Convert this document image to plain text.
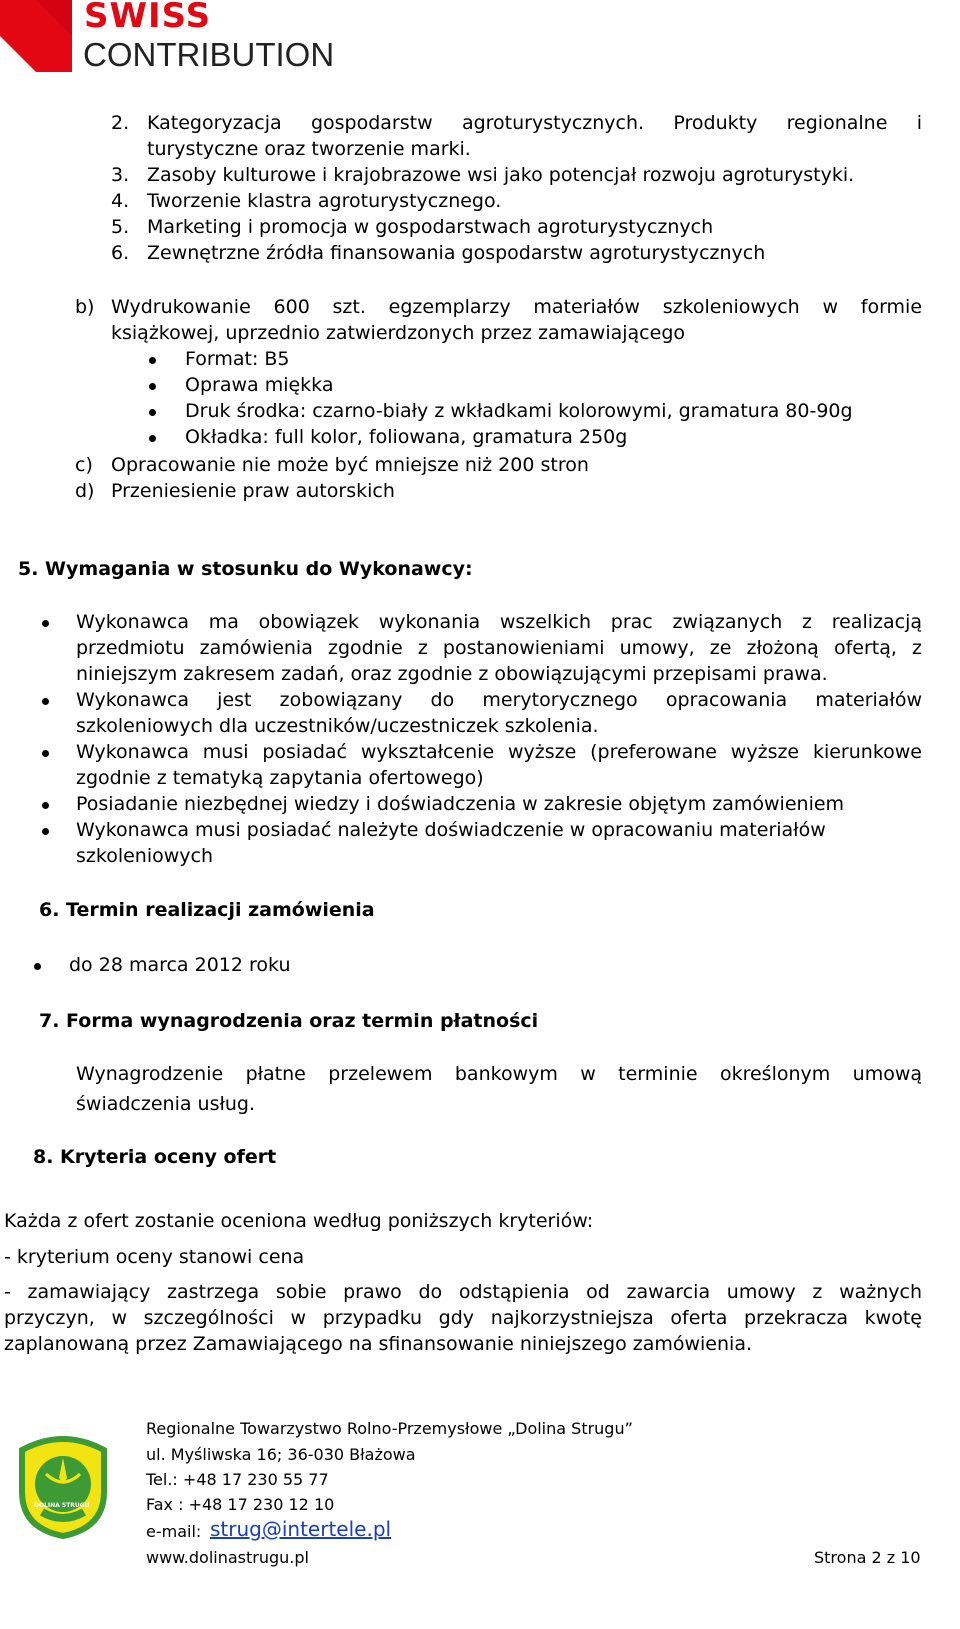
SWISS
CONTRIBUTION
2. Kategoryzacja gospodarstw agroturystycznych. Produkty regionalne i
turystyczne oraz tworzenie marki.
3. Zasoby kulturowe i krajobrazowe wsi jako potencjał rozwoju agroturystyki.
4. Tworzenie klastra agroturystycznego.
5. Marketing i promocja w gospodarstwach agroturystycznych
6. Zewnętrzne źródła finansowania gospodarstw agroturystycznych
b) Wydrukowanie 600 szt. egzemplarzy materiałów szkoleniowych w formie
książkowej, uprzednio zatwierdzonych przez zamawiającego
Format: B5
Oprawa miękka
Druk środka: czarno-biały z wkładkami kolorowymi, gramatura 80-90g
Okładka: full kolor, foliowana, gramatura 250g
c) Opracowanie nie może być mniejsze niż 200 stron
d) Przeniesienie praw autorskich
5. Wymagania w stosunku do Wykonawcy:
Wykonawca ma obowiązek wykonania wszelkich prac związanych z realizacją
przedmiotu zamówienia zgodnie z postanowieniami umowy, ze złożoną ofertą, z
niniejszym zakresem zadań, oraz zgodnie z obowiązującymi przepisami prawa.
Wykonawca jest zobowiązany do merytorycznego opracowania materiałów
szkoleniowych dla uczestników/uczestniczek szkolenia.
Wykonawca musi posiadać wykształcenie wyższe (preferowane wyższe kierunkowe
zgodnie z tematyką zapytania ofertowego)
Posiadanie niezbędnej wiedzy i doświadczenia w zakresie objętym zamówieniem
Wykonawca musi posiadać należyte doświadczenie w opracowaniu materiałów
szkoleniowych
6. Termin realizacji zamówienia
do 28 marca 2012 roku
7. Forma wynagrodzenia oraz termin płatności
Wynagrodzenie płatne przelewem bankowym w terminie określonym umową
świadczenia usług.
8. Kryteria oceny ofert
Każda z ofert zostanie oceniona według poniższych kryteriów:
- kryterium oceny stanowi cena
- zamawiający zastrzega sobie prawo do odstąpienia od zawarcia umowy z ważnych
przyczyn, w szczególności w przypadku gdy najkorzystniejsza oferta przekracza kwotę
zaplanowaną przez Zamawiającego na sfinansowanie niniejszego zamówienia.
DOLINA STRUGU
Regionalne Towarzystwo Rolno-Przemysłowe „Dolina Strugu”
ul. Myśliwska 16; 36-030 Błażowa
Tel.: +48 17 230 55 77
Fax : +48 17 230 12 10
e-mail: strug@intertele.pl
www.dolinastrugu.pl	Strona 2 z 10
